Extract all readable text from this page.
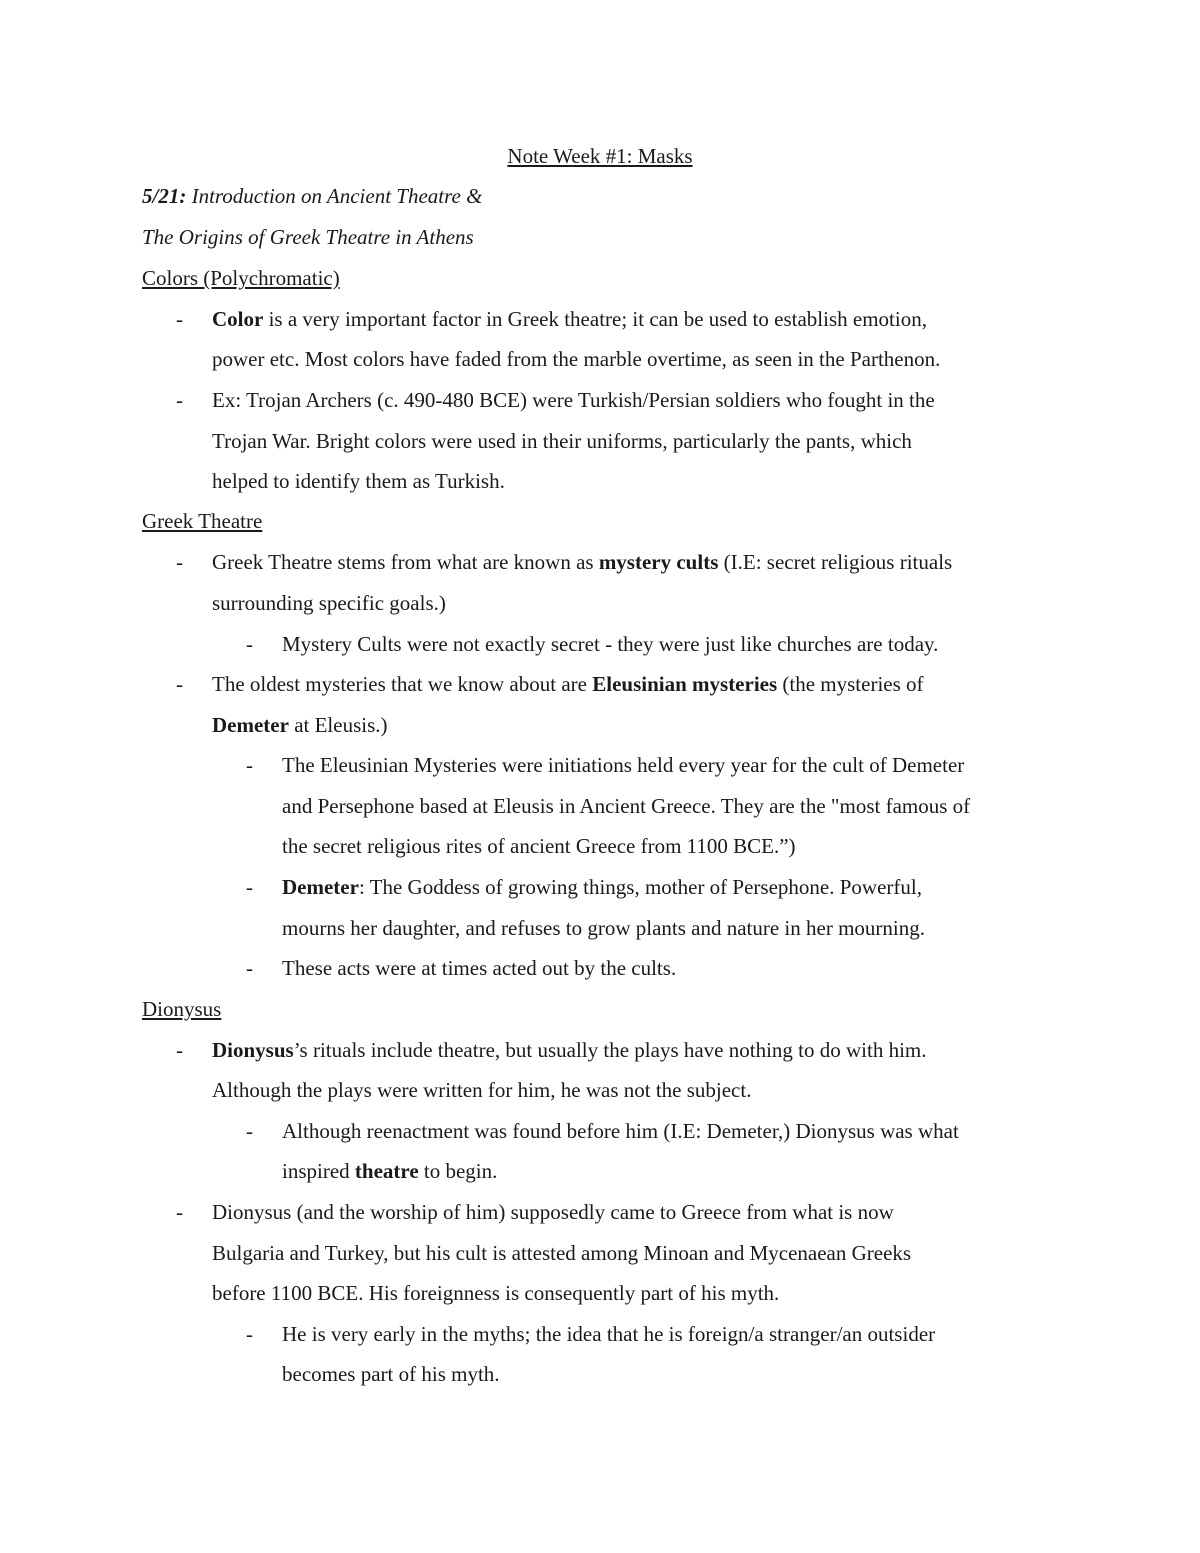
Note Week #1: Masks
5/21: Introduction on Ancient Theatre &
The Origins of Greek Theatre in Athens
Colors (Polychromatic)
- Color is a very important factor in Greek theatre; it can be used to establish emotion,
power etc. Most colors have faded from the marble overtime, as seen in the Parthenon.
- Ex: Trojan Archers (c. 490-480 BCE) were Turkish/Persian soldiers who fought in the
Trojan War. Bright colors were used in their uniforms, particularly the pants, which
helped to identify them as Turkish.
Greek Theatre
- Greek Theatre stems from what are known as mystery cults (I.E: secret religious rituals
surrounding specific goals.)
- Mystery Cults were not exactly secret - they were just like churches are today.
- The oldest mysteries that we know about are Eleusinian mysteries (the mysteries of
Demeter at Eleusis.)
- The Eleusinian Mysteries were initiations held every year for the cult of Demeter
and Persephone based at Eleusis in Ancient Greece. They are the "most famous of
the secret religious rites of ancient Greece from 1100 BCE.”)
- Demeter: The Goddess of growing things, mother of Persephone. Powerful,
mourns her daughter, and refuses to grow plants and nature in her mourning.
- These acts were at times acted out by the cults.
Dionysus
- Dionysus’s rituals include theatre, but usually the plays have nothing to do with him.
Although the plays were written for him, he was not the subject.
- Although reenactment was found before him (I.E: Demeter,) Dionysus was what
inspired theatre to begin.
- Dionysus (and the worship of him) supposedly came to Greece from what is now
Bulgaria and Turkey, but his cult is attested among Minoan and Mycenaean Greeks
before 1100 BCE. His foreignness is consequently part of his myth.
- He is very early in the myths; the idea that he is foreign/a stranger/an outsider
becomes part of his myth.
